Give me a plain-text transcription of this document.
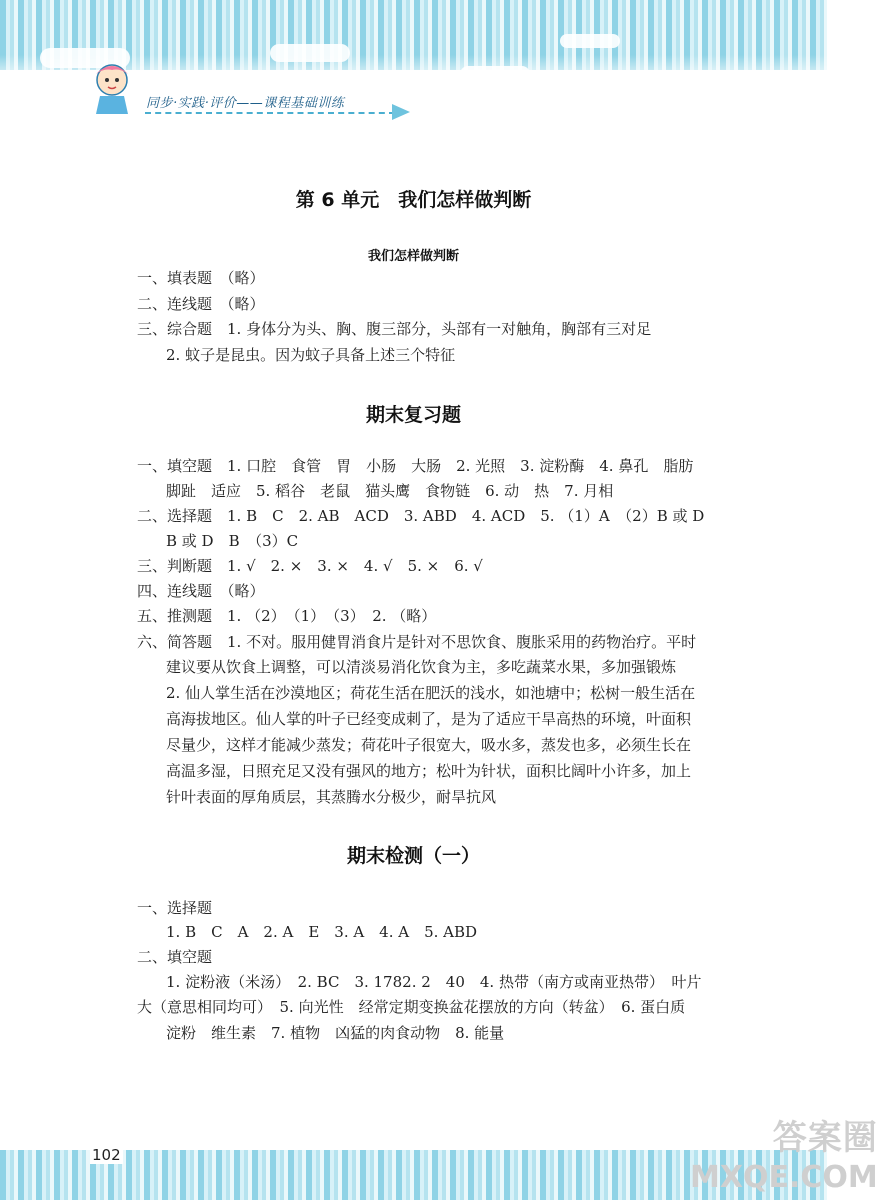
同步·实践·评价——课程基础训练
第 6 单元　我们怎样做判断
我们怎样做判断
一、填表题　（略）
二、连线题　（略）
三、综合题　1. 身体分为头、胸、腹三部分，头部有一对触角，胸部有三对足
2. 蚊子是昆虫。因为蚊子具备上述三个特征
期末复习题
一、填空题　1. 口腔　食管　胃　小肠　大肠　2. 光照　3. 淀粉酶　4. 鼻孔　脂肪
脚趾　适应　5. 稻谷　老鼠　猫头鹰　食物链　6. 动　热　7. 月相
二、选择题　1. B　C　2. AB　ACD　3. ABD　4. ACD　5. （1）A　（2）B 或 D
B 或 D　B　（3）C
三、判断题　1. √　2. ×　3. ×　4. √　5. ×　6. √
四、连线题　（略）
五、推测题　1. （2）　（1）　（3）　2. （略）
六、简答题　1. 不对。服用健胃消食片是针对不思饮食、腹胀采用的药物治疗。平时
建议要从饮食上调整，可以清淡易消化饮食为主，多吃蔬菜水果，多加强锻炼
2. 仙人掌生活在沙漠地区；荷花生活在肥沃的浅水，如池塘中；松树一般生活在
高海拔地区。仙人掌的叶子已经变成刺了，是为了适应干旱高热的环境，叶面积
尽量少，这样才能减少蒸发；荷花叶子很宽大，吸水多，蒸发也多，必须生长在
高温多湿，日照充足又没有强风的地方；松叶为针状，面积比阔叶小许多，加上
针叶表面的厚角质层，其蒸腾水分极少，耐旱抗风
期末检测（一）
一、选择题
1. B　C　A　2. A　E　3. A　4. A　5. ABD
二、填空题
1. 淀粉液（米汤）　2. BC　3. 1782. 2　40　4. 热带（南方或南亚热带）　叶片
大（意思相同均可）　5. 向光性　经常定期变换盆花摆放的方向（转盆）　6. 蛋白质
淀粉　维生素　7. 植物　凶猛的肉食动物　8. 能量
102	答案圈
MXQE.COM
